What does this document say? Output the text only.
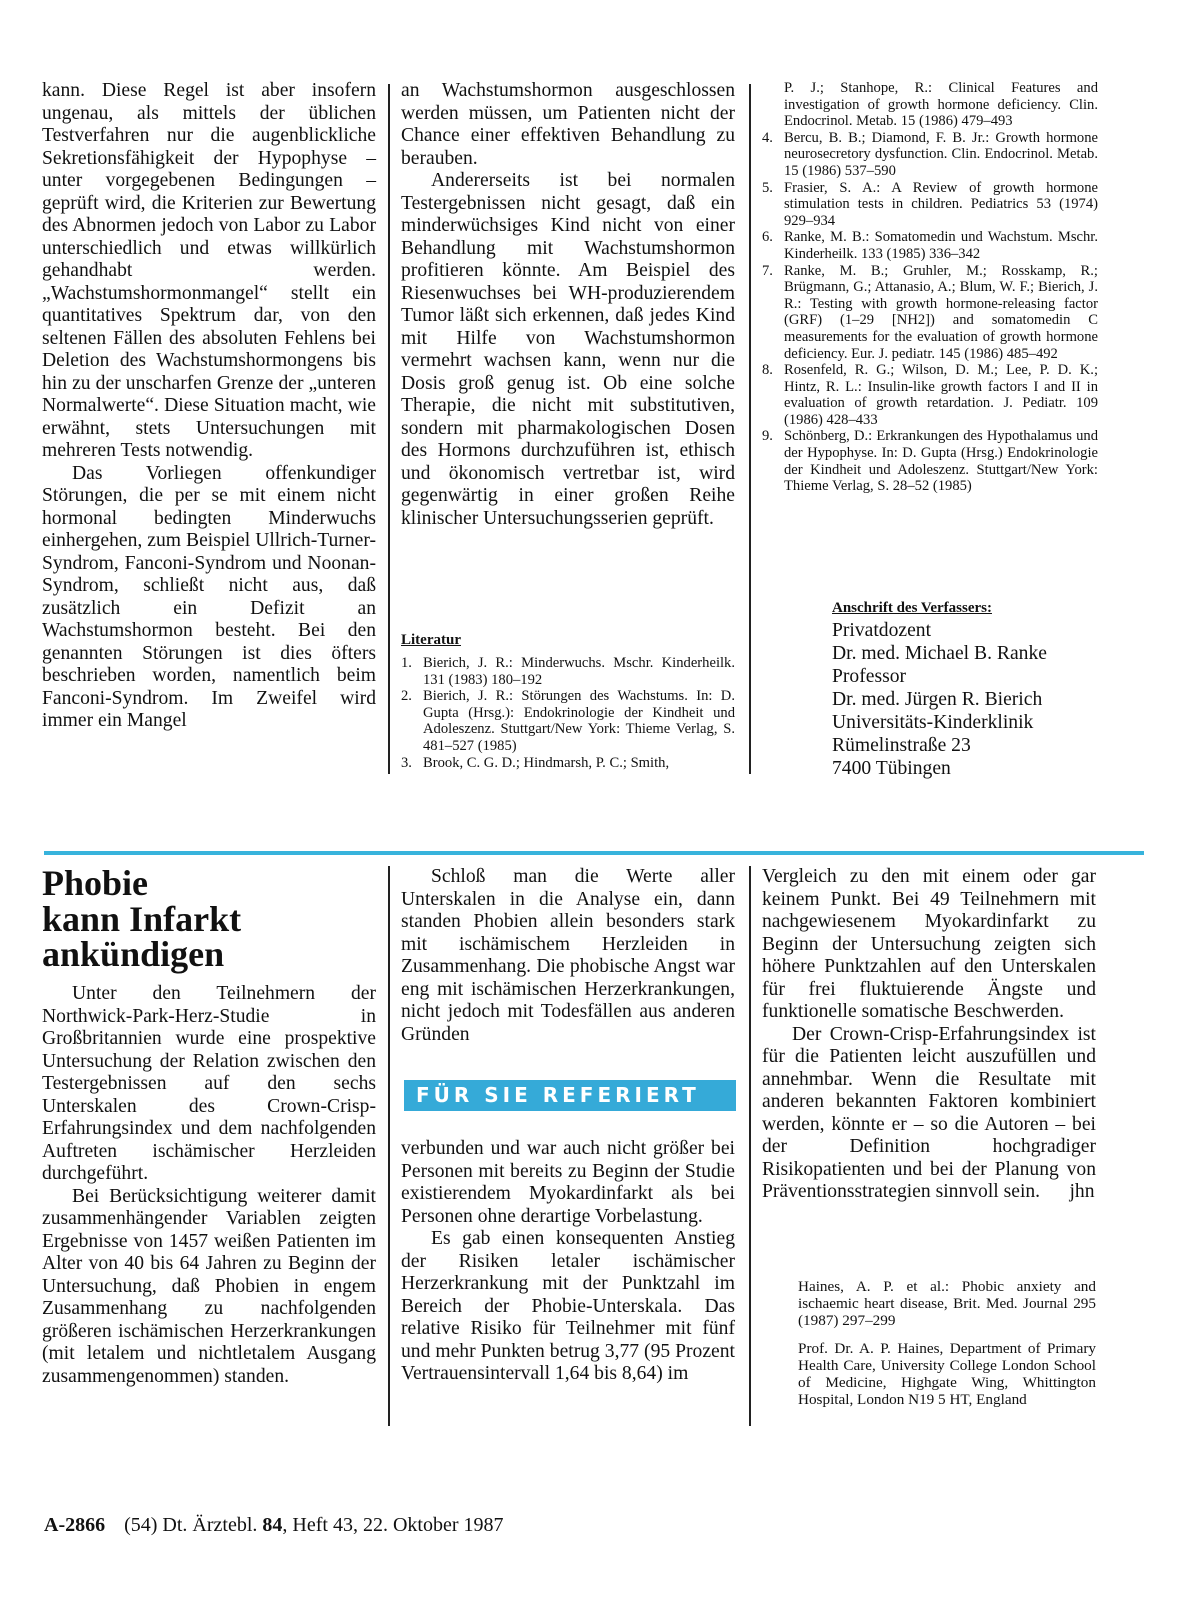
kann. Diese Regel ist aber insofern ungenau, als mittels der üblichen Testverfahren nur die augenblickliche Sekretionsfähigkeit der Hypophyse – unter vorgegebenen Bedingungen – geprüft wird, die Kriterien zur Bewertung des Abnormen jedoch von Labor zu Labor unterschiedlich und etwas willkürlich gehandhabt werden. „Wachstumshormonmangel“ stellt ein quantitatives Spektrum dar, von den seltenen Fällen des absoluten Fehlens bei Deletion des Wachstumshormongens bis hin zu der unscharfen Grenze der „unteren Normalwerte“. Diese Situation macht, wie erwähnt, stets Untersuchungen mit mehreren Tests notwendig.

Das Vorliegen offenkundiger Störungen, die per se mit einem nicht hormonal bedingten Minderwuchs einhergehen, zum Beispiel Ullrich-Turner-Syndrom, Fanconi-Syndrom und Noonan-Syndrom, schließt nicht aus, daß zusätzlich ein Defizit an Wachstumshormon besteht. Bei den genannten Störungen ist dies öfters beschrieben worden, namentlich beim Fanconi-Syndrom. Im Zweifel wird immer ein Mangel

an Wachstumshormon ausgeschlossen werden müssen, um Patienten nicht der Chance einer effektiven Behandlung zu berauben.

Andererseits ist bei normalen Testergebnissen nicht gesagt, daß ein minderwüchsiges Kind nicht von einer Behandlung mit Wachstumshormon profitieren könnte. Am Beispiel des Riesenwuchses bei WH-produzierendem Tumor läßt sich erkennen, daß jedes Kind mit Hilfe von Wachstumshormon vermehrt wachsen kann, wenn nur die Dosis groß genug ist. Ob eine solche Therapie, die nicht mit substitutiven, sondern mit pharmakologischen Dosen des Hormons durchzuführen ist, ethisch und ökonomisch vertretbar ist, wird gegenwärtig in einer großen Reihe klinischer Untersuchungsserien geprüft.

Literatur

1. Bierich, J. R.: Minderwuchs. Mschr. Kinderheilk. 131 (1983) 180–192

2. Bierich, J. R.: Störungen des Wachstums. In: D. Gupta (Hrsg.): Endokrinologie der Kindheit und Adoleszenz. Stuttgart/New York: Thieme Verlag, S. 481–527 (1985)

3. Brook, C. G. D.; Hindmarsh, P. C.; Smith,

P. J.; Stanhope, R.: Clinical Features and investigation of growth hormone deficiency. Clin. Endocrinol. Metab. 15 (1986) 479–493

4. Bercu, B. B.; Diamond, F. B. Jr.: Growth hormone neurosecretory dysfunction. Clin. Endocrinol. Metab. 15 (1986) 537–590

5. Frasier, S. A.: A Review of growth hormone stimulation tests in children. Pediatrics 53 (1974) 929–934

6. Ranke, M. B.: Somatomedin und Wachstum. Mschr. Kinderheilk. 133 (1985) 336–342

7. Ranke, M. B.; Gruhler, M.; Rosskamp, R.; Brügmann, G.; Attanasio, A.; Blum, W. F.; Bierich, J. R.: Testing with growth hormone-releasing factor (GRF) (1–29 [NH2]) and somatomedin C measurements for the evaluation of growth hormone deficiency. Eur. J. pediatr. 145 (1986) 485–492

8. Rosenfeld, R. G.; Wilson, D. M.; Lee, P. D. K.; Hintz, R. L.: Insulin-like growth factors I and II in evaluation of growth retardation. J. Pediatr. 109 (1986) 428–433

9. Schönberg, D.: Erkrankungen des Hypothalamus und der Hypophyse. In: D. Gupta (Hrsg.) Endokrinologie der Kindheit und Adoleszenz. Stuttgart/New York: Thieme Verlag, S. 28–52 (1985)

Anschrift des Verfassers:

Privatdozent

Dr. med. Michael B. Ranke

Professor

Dr. med. Jürgen R. Bierich

Universitäts-Kinderklinik

Rümelinstraße 23

7400 Tübingen

Phobie

kann Infarkt

ankündigen

Unter den Teilnehmern der Northwick-Park-Herz-Studie in Großbritannien wurde eine prospektive Untersuchung der Relation zwischen den Testergebnissen auf den sechs Unterskalen des Crown-Crisp-Erfahrungsindex und dem nachfolgenden Auftreten ischämischer Herzleiden durchgeführt.

Bei Berücksichtigung weiterer damit zusammenhängender Variablen zeigten Ergebnisse von 1457 weißen Patienten im Alter von 40 bis 64 Jahren zu Beginn der Untersuchung, daß Phobien in engem Zusammenhang zu nachfolgenden größeren ischämischen Herzerkrankungen (mit letalem und nichtletalem Ausgang zusammengenommen) standen.

Schloß man die Werte aller Unterskalen in die Analyse ein, dann standen Phobien allein besonders stark mit ischämischem Herzleiden in Zusammenhang. Die phobische Angst war eng mit ischämischen Herzerkrankungen, nicht jedoch mit Todesfällen aus anderen Gründen

FÜR SIE REFERIERT

verbunden und war auch nicht größer bei Personen mit bereits zu Beginn der Studie existierendem Myokardinfarkt als bei Personen ohne derartige Vorbelastung.

Es gab einen konsequenten Anstieg der Risiken letaler ischämischer Herzerkrankung mit der Punktzahl im Bereich der Phobie-Unterskala. Das relative Risiko für Teilnehmer mit fünf und mehr Punkten betrug 3,77 (95 Prozent Vertrauensintervall 1,64 bis 8,64) im

Vergleich zu den mit einem oder gar keinem Punkt. Bei 49 Teilnehmern mit nachgewiesenem Myokardinfarkt zu Beginn der Untersuchung zeigten sich höhere Punktzahlen auf den Unterskalen für frei fluktuierende Ängste und funktionelle somatische Beschwerden.

Der Crown-Crisp-Erfahrungsindex ist für die Patienten leicht auszufüllen und annehmbar. Wenn die Resultate mit anderen bekannten Faktoren kombiniert werden, könnte er – so die Autoren – bei der Definition hochgradiger Risikopatienten und bei der Planung von Präventionsstrategien sinnvoll sein.      jhn

Haines, A. P. et al.: Phobic anxiety and ischaemic heart disease, Brit. Med. Journal 295 (1987) 297–299

Prof. Dr. A. P. Haines, Department of Primary Health Care, University College London School of Medicine, Highgate Wing, Whittington Hospital, London N19 5 HT, England

A-2866 (54) Dt. Ärztebl. 84, Heft 43, 22. Oktober 1987
